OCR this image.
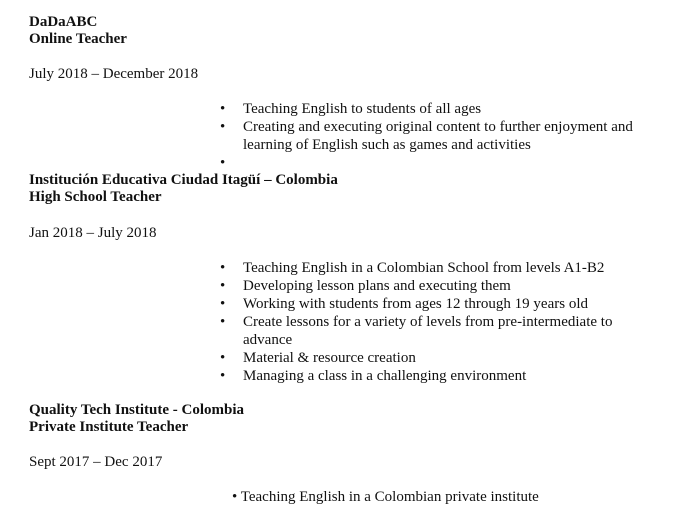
DaDaABC
Online Teacher
July 2018 – December 2018
• Teaching English to students of all ages
• Creating and executing original content to further enjoyment and learning of English such as games and activities
•
Institución Educativa Ciudad Itagüí – Colombia
High School Teacher
Jan 2018 – July 2018
• Teaching English in a Colombian School from levels A1-B2
• Developing lesson plans and executing them
• Working with students from ages 12 through 19 years old
• Create lessons for a variety of levels from pre-intermediate to advance
• Material & resource creation
• Managing a class in a challenging environment
Quality Tech Institute - Colombia
Private Institute Teacher
Sept 2017 – Dec 2017
• Teaching English in a Colombian private institute
